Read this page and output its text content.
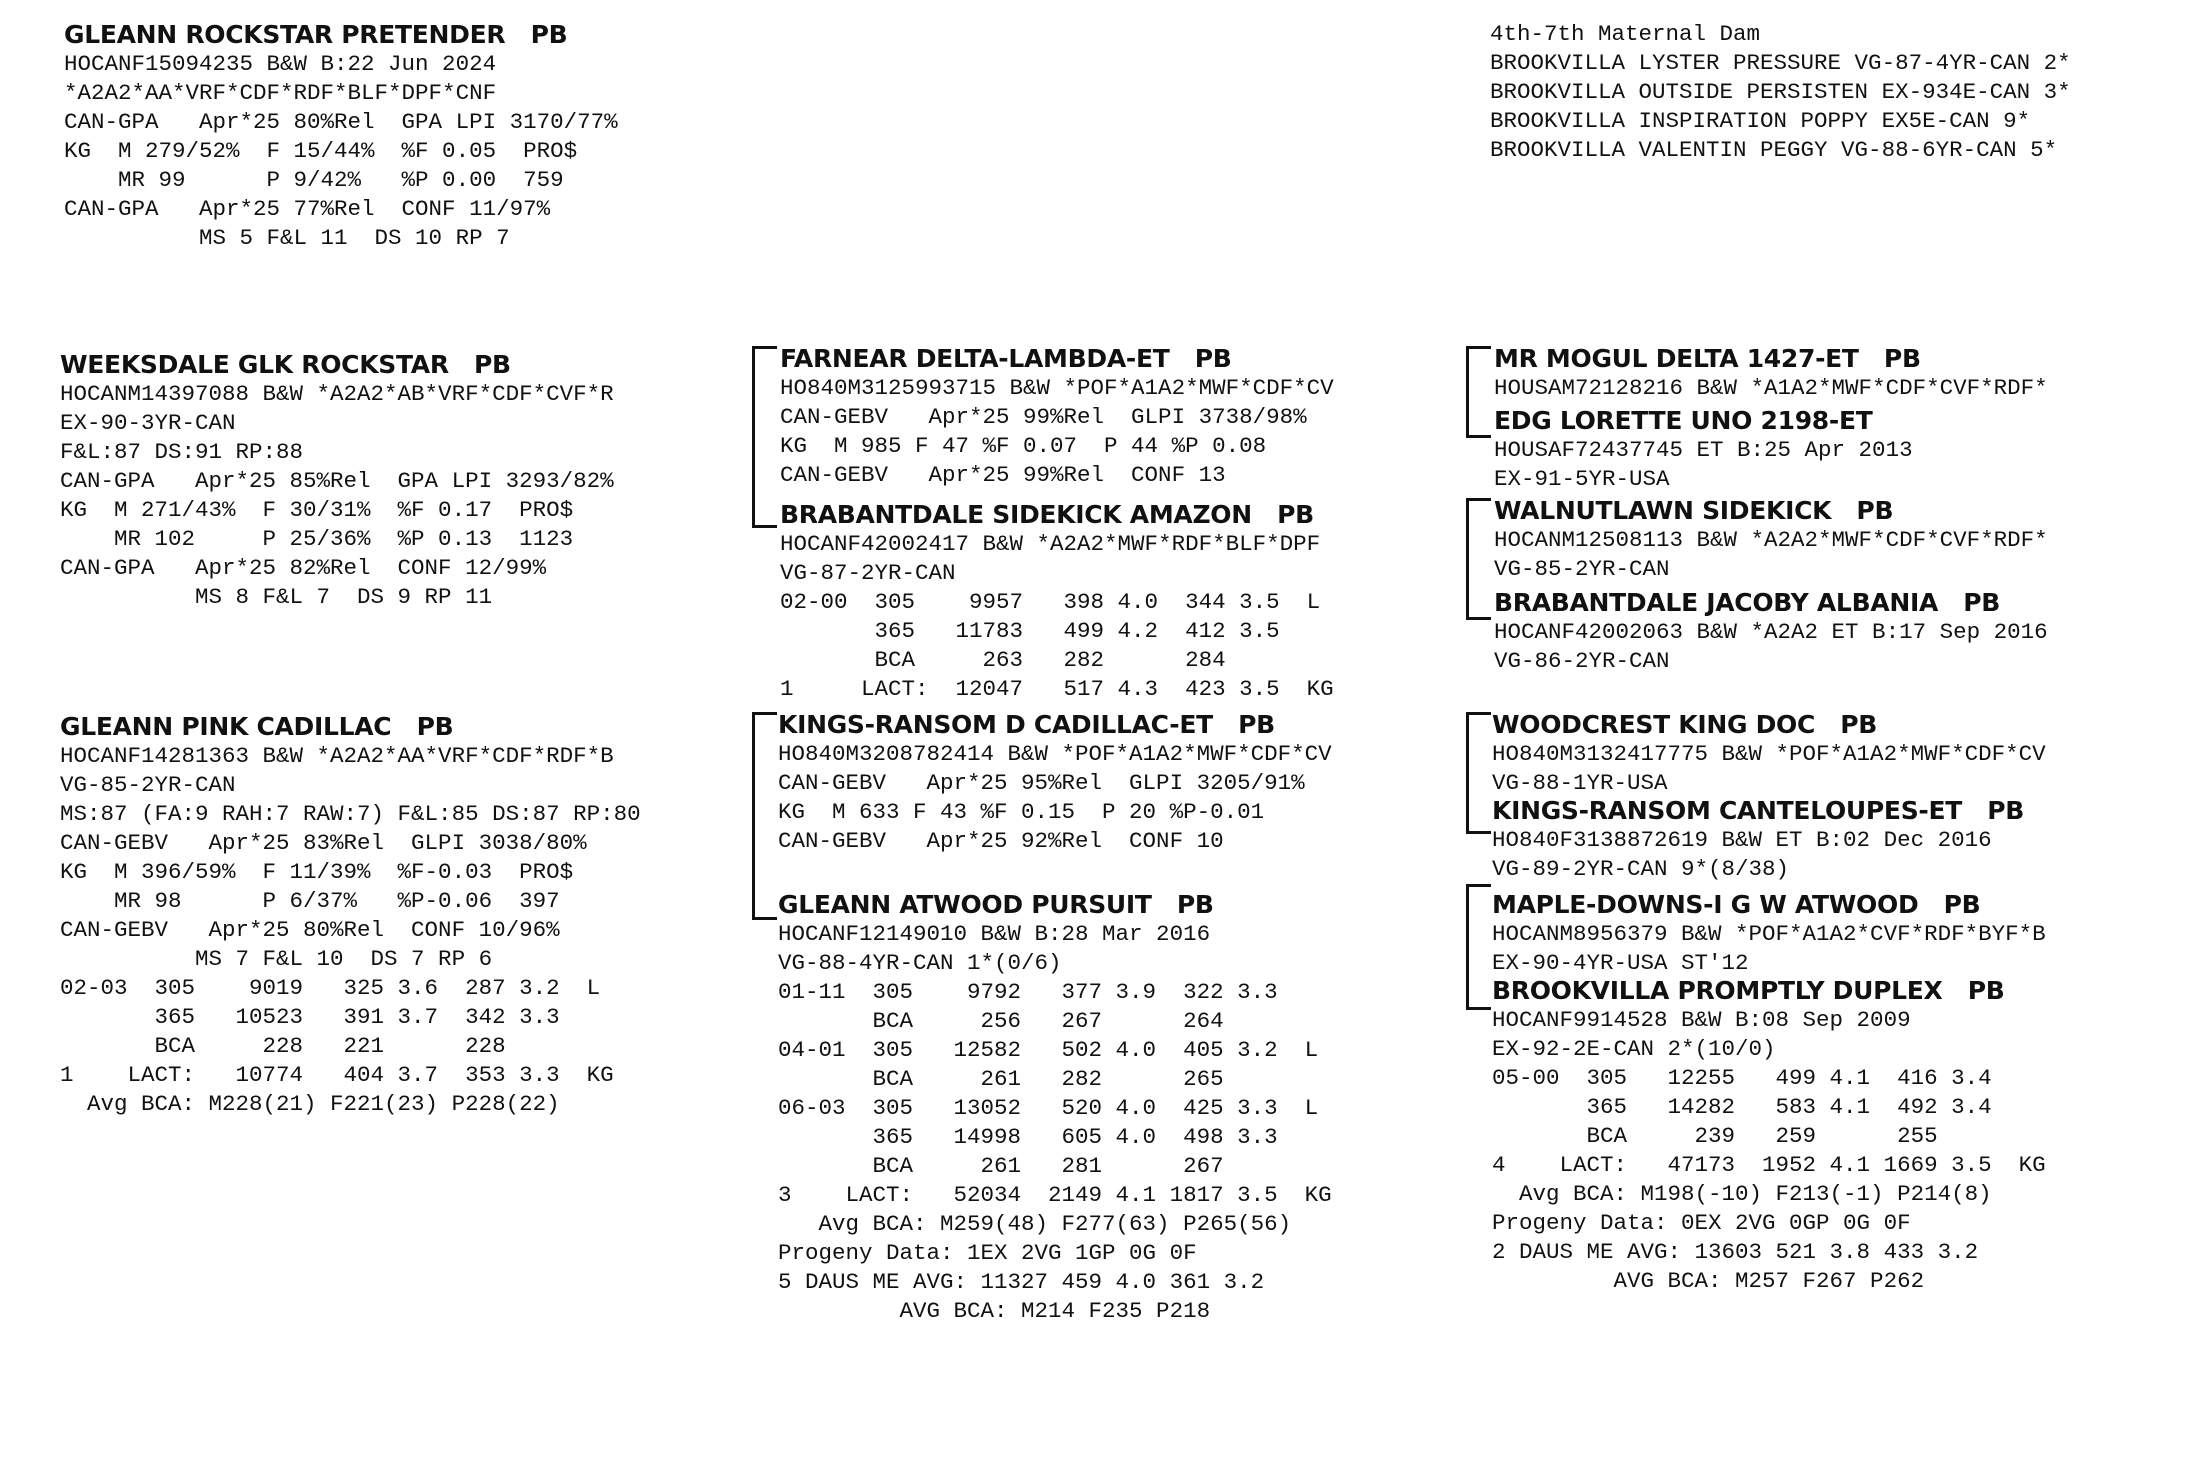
GLEANN ROCKSTAR PRETENDER PB
HOCANF15094235 B&W B:22 Jun 2024
*A2A2*AA*VRF*CDF*RDF*BLF*DPF*CNF
CAN-GPA   Apr*25 80%Rel  GPA LPI 3170/77%
KG  M 279/52%  F 15/44%  %F 0.05  PRO$
MR 99      P 9/42%   %P 0.00  759
CAN-GPA   Apr*25 77%Rel  CONF 11/97%
MS 5 F&L 11  DS 10 RP 7
4th-7th Maternal Dam
BROOKVILLA LYSTER PRESSURE VG-87-4YR-CAN 2*
BROOKVILLA OUTSIDE PERSISTEN EX-934E-CAN 3*
BROOKVILLA INSPIRATION POPPY EX5E-CAN 9*
BROOKVILLA VALENTIN PEGGY VG-88-6YR-CAN 5*
WEEKSDALE GLK ROCKSTAR PB
HOCANM14397088 B&W *A2A2*AB*VRF*CDF*CVF*R
EX-90-3YR-CAN
F&L:87 DS:91 RP:88
CAN-GPA   Apr*25 85%Rel  GPA LPI 3293/82%
KG  M 271/43%  F 30/31%  %F 0.17  PRO$
MR 102     P 25/36%  %P 0.13  1123
CAN-GPA   Apr*25 82%Rel  CONF 12/99%
MS 8 F&L 7  DS 9 RP 11
GLEANN PINK CADILLAC PB
HOCANF14281363 B&W *A2A2*AA*VRF*CDF*RDF*B
VG-85-2YR-CAN
MS:87 (FA:9 RAH:7 RAW:7) F&L:85 DS:87 RP:80
CAN-GEBV   Apr*25 83%Rel  GLPI 3038/80%
KG  M 396/59%  F 11/39%  %F-0.03  PRO$
MR 98      P 6/37%   %P-0.06  397
CAN-GEBV   Apr*25 80%Rel  CONF 10/96%
MS 7 F&L 10  DS 7 RP 6
02-03  305    9019   325 3.6  287 3.2  L
365   10523   391 3.7  342 3.3
BCA     228   221      228
1    LACT:   10774   404 3.7  353 3.3  KG
Avg BCA: M228(21) F221(23) P228(22)
FARNEAR DELTA-LAMBDA-ET PB
HO840M3125993715 B&W *POF*A1A2*MWF*CDF*CV
CAN-GEBV   Apr*25 99%Rel  GLPI 3738/98%
KG  M 985 F 47 %F 0.07  P 44 %P 0.08
CAN-GEBV   Apr*25 99%Rel  CONF 13
BRABANTDALE SIDEKICK AMAZON PB
HOCANF42002417 B&W *A2A2*MWF*RDF*BLF*DPF
VG-87-2YR-CAN
02-00  305    9957   398 4.0  344 3.5  L
365   11783   499 4.2  412 3.5
BCA     263   282      284
1     LACT:  12047   517 4.3  423 3.5  KG
KINGS-RANSOM D CADILLAC-ET PB
HO840M3208782414 B&W *POF*A1A2*MWF*CDF*CV
CAN-GEBV   Apr*25 95%Rel  GLPI 3205/91%
KG  M 633 F 43 %F 0.15  P 20 %P-0.01
CAN-GEBV   Apr*25 92%Rel  CONF 10
GLEANN ATWOOD PURSUIT PB
HOCANF12149010 B&W B:28 Mar 2016
VG-88-4YR-CAN 1*(0/6)
01-11  305    9792   377 3.9  322 3.3
BCA     256   267      264
04-01  305   12582   502 4.0  405 3.2  L
BCA     261   282      265
06-03  305   13052   520 4.0  425 3.3  L
365   14998   605 4.0  498 3.3
BCA     261   281      267
3    LACT:   52034  2149 4.1 1817 3.5  KG
Avg BCA: M259(48) F277(63) P265(56)
Progeny Data: 1EX 2VG 1GP 0G 0F
5 DAUS ME AVG: 11327 459 4.0 361 3.2
AVG BCA: M214 F235 P218
MR MOGUL DELTA 1427-ET PB
HOUSAM72128216 B&W *A1A2*MWF*CDF*CVF*RDF*
EDG LORETTE UNO 2198-ET
HOUSAF72437745 ET B:25 Apr 2013
EX-91-5YR-USA
WALNUTLAWN SIDEKICK PB
HOCANM12508113 B&W *A2A2*MWF*CDF*CVF*RDF*
VG-85-2YR-CAN
BRABANTDALE JACOBY ALBANIA PB
HOCANF42002063 B&W *A2A2 ET B:17 Sep 2016
VG-86-2YR-CAN
WOODCREST KING DOC PB
HO840M3132417775 B&W *POF*A1A2*MWF*CDF*CV
VG-88-1YR-USA
KINGS-RANSOM CANTELOUPES-ET PB
HO840F3138872619 B&W ET B:02 Dec 2016
VG-89-2YR-CAN 9*(8/38)
MAPLE-DOWNS-I G W ATWOOD PB
HOCANM8956379 B&W *POF*A1A2*CVF*RDF*BYF*B
EX-90-4YR-USA ST'12
BROOKVILLA PROMPTLY DUPLEX PB
HOCANF9914528 B&W B:08 Sep 2009
EX-92-2E-CAN 2*(10/0)
05-00  305   12255   499 4.1  416 3.4
365   14282   583 4.1  492 3.4
BCA     239   259      255
4    LACT:   47173  1952 4.1 1669 3.5  KG
Avg BCA: M198(-10) F213(-1) P214(8)
Progeny Data: 0EX 2VG 0GP 0G 0F
2 DAUS ME AVG: 13603 521 3.8 433 3.2
AVG BCA: M257 F267 P262
